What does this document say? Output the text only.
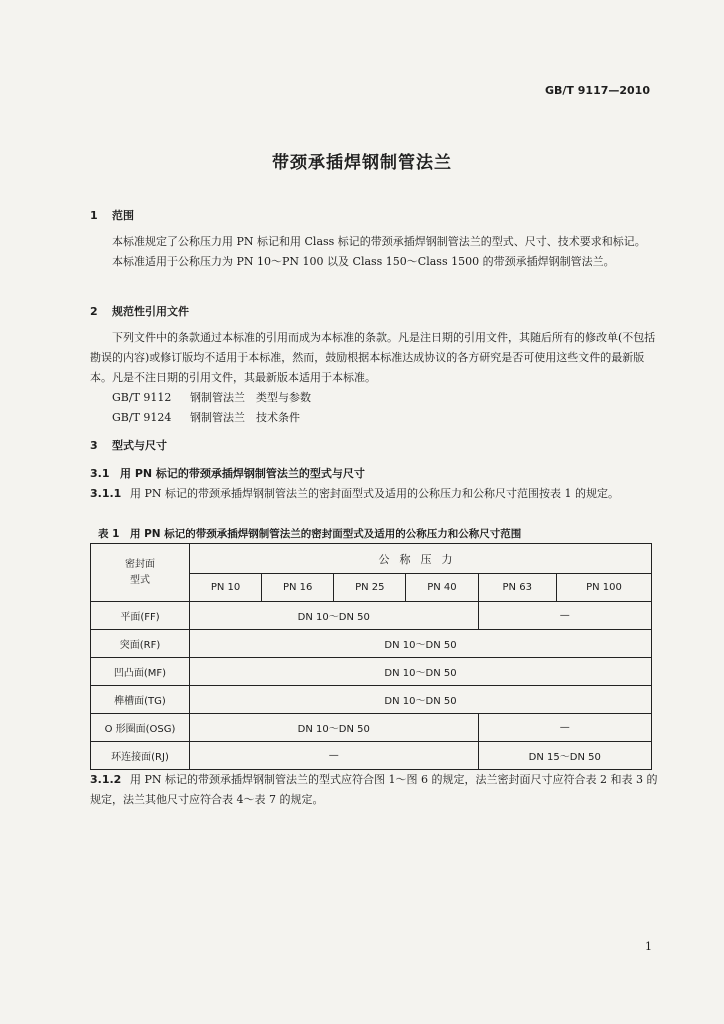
GB/T 9117—2010
带颈承插焊钢制管法兰
1 范围

本标准规定了公称压力用 PN 标记和用 Class 标记的带颈承插焊钢制管法兰的型式、尺寸、技术要求和标记。

本标准适用于公称压力为 PN 10～PN 100 以及 Class 150～Class 1500 的带颈承插焊钢制管法兰。

2 规范性引用文件

下列文件中的条款通过本标准的引用而成为本标准的条款。凡是注日期的引用文件，其随后所有的修改单(不包括勘误的内容)或修订版均不适用于本标准，然而，鼓励根据本标准达成协议的各方研究是否可使用这些文件的最新版本。凡是不注日期的引用文件，其最新版本适用于本标准。

GB/T 9112 钢制管法兰　类型与参数

GB/T 9124 钢制管法兰　技术条件

3 型式与尺寸
3.1 用 PN 标记的带颈承插焊钢制管法兰的型式与尺寸

3.1.1 用 PN 标记的带颈承插焊钢制管法兰的密封面型式及适用的公称压力和公称尺寸范围按表 1 的规定。

表 1　用 PN 标记的带颈承插焊钢制管法兰的密封面型式及适用的公称压力和公称尺寸范围
密封面
型式	公称压力					
	PN 10	PN 16	PN 25	PN 40	PN 63	PN 100
平面(FF)	DN 10～DN 50				—	
突面(RF)	DN 10～DN 50					
凹凸面(MF)	DN 10～DN 50					
榫槽面(TG)	DN 10～DN 50					
O 形圈面(OSG)	DN 10～DN 50				—	
环连接面(RJ)	—				DN 15～DN 50	

3.1.2 用 PN 标记的带颈承插焊钢制管法兰的型式应符合图 1～图 6 的规定，法兰密封面尺寸应符合表 2 和表 3 的规定，法兰其他尺寸应符合表 4～表 7 的规定。

1
